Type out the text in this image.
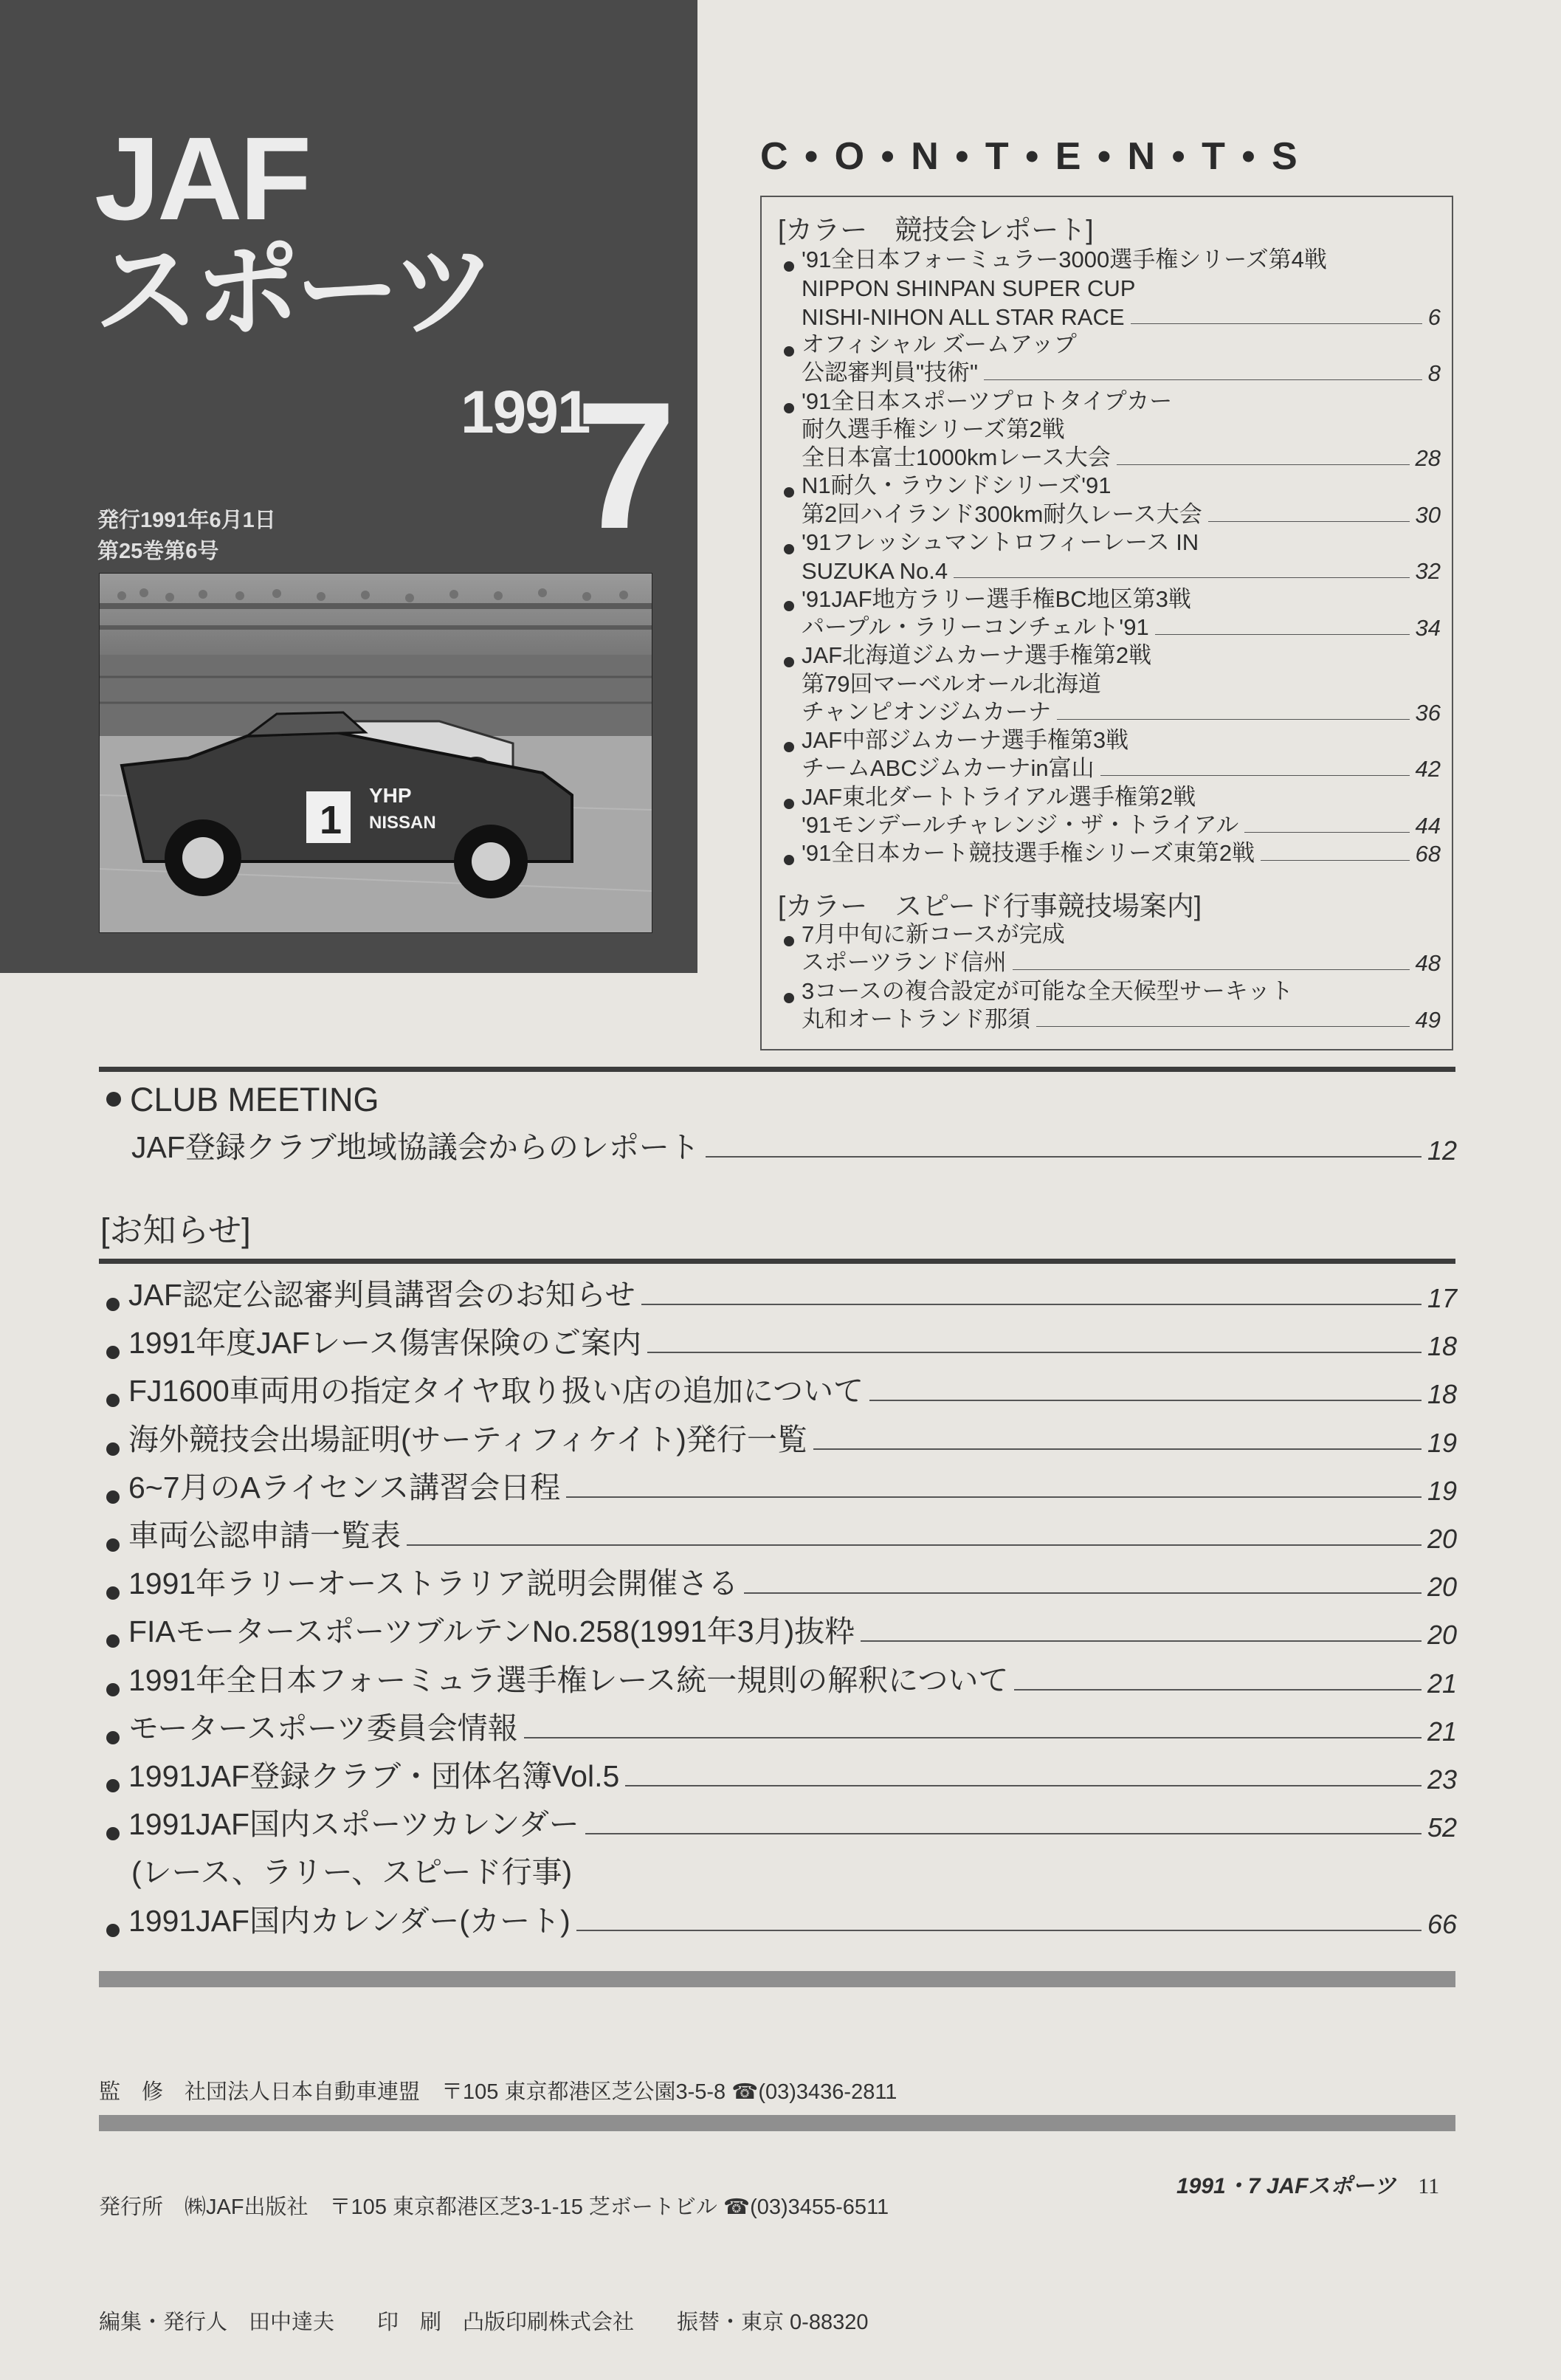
JAF
スポーツ
1991
7
発行1991年6月1日
第25巻第6号
YHP
NISSAN
1
C • O • N • T • E • N • T • S
[カラー　競技会レポート]
'91全日本フォーミュラー3000選手権シリーズ第4戦
NIPPON SHINPAN SUPER CUP
NISHI-NIHON ALL STAR RACE	6
オフィシャル ズームアップ
公認審判員"技術"	8
'91全日本スポーツプロトタイプカー
耐久選手権シリーズ第2戦
全日本富士1000kmレース大会	28
N1耐久・ラウンドシリーズ'91
第2回ハイランド300km耐久レース大会	30
'91フレッシュマントロフィーレース IN
SUZUKA No.4	32
'91JAF地方ラリー選手権BC地区第3戦
パープル・ラリーコンチェルト'91	34
JAF北海道ジムカーナ選手権第2戦
第79回マーベルオール北海道
チャンピオンジムカーナ	36
JAF中部ジムカーナ選手権第3戦
チームABCジムカーナin富山	42
JAF東北ダートトライアル選手権第2戦
'91モンデールチャレンジ・ザ・トライアル	44
'91全日本カート競技選手権シリーズ東第2戦	68
[カラー　スピード行事競技場案内]
7月中旬に新コースが完成
スポーツランド信州	48
3コースの複合設定が可能な全天候型サーキット
丸和オートランド那須	49
CLUB MEETING
JAF登録クラブ地域協議会からのレポート	12
[お知らせ]
JAF認定公認審判員講習会のお知らせ	17
1991年度JAFレース傷害保険のご案内	18
FJ1600車両用の指定タイヤ取り扱い店の追加について	18
海外競技会出場証明(サーティフィケイト)発行一覧	19
6~7月のAライセンス講習会日程	19
車両公認申請一覧表	20
1991年ラリーオーストラリア説明会開催さる	20
FIAモータースポーツブルテンNo.258(1991年3月)抜粋	20
1991年全日本フォーミュラ選手権レース統一規則の解釈について	21
モータースポーツ委員会情報	21
1991JAF登録クラブ・団体名簿Vol.5	23
1991JAF国内スポーツカレンダー	52
(レース、ラリー、スピード行事)
1991JAF国内カレンダー(カート)	66

監　修　社団法人日本自動車連盟　〒105 東京都港区芝公園3-5-8 ☎(03)3436-2811

発行所　㈱JAF出版社　〒105 東京都港区芝3-1-15 芝ボートビル ☎(03)3455-6511

編集・発行人　田中達夫　　印　刷　凸版印刷株式会社　　振替・東京 0-88320

1991・7 JAFスポーツ 11
